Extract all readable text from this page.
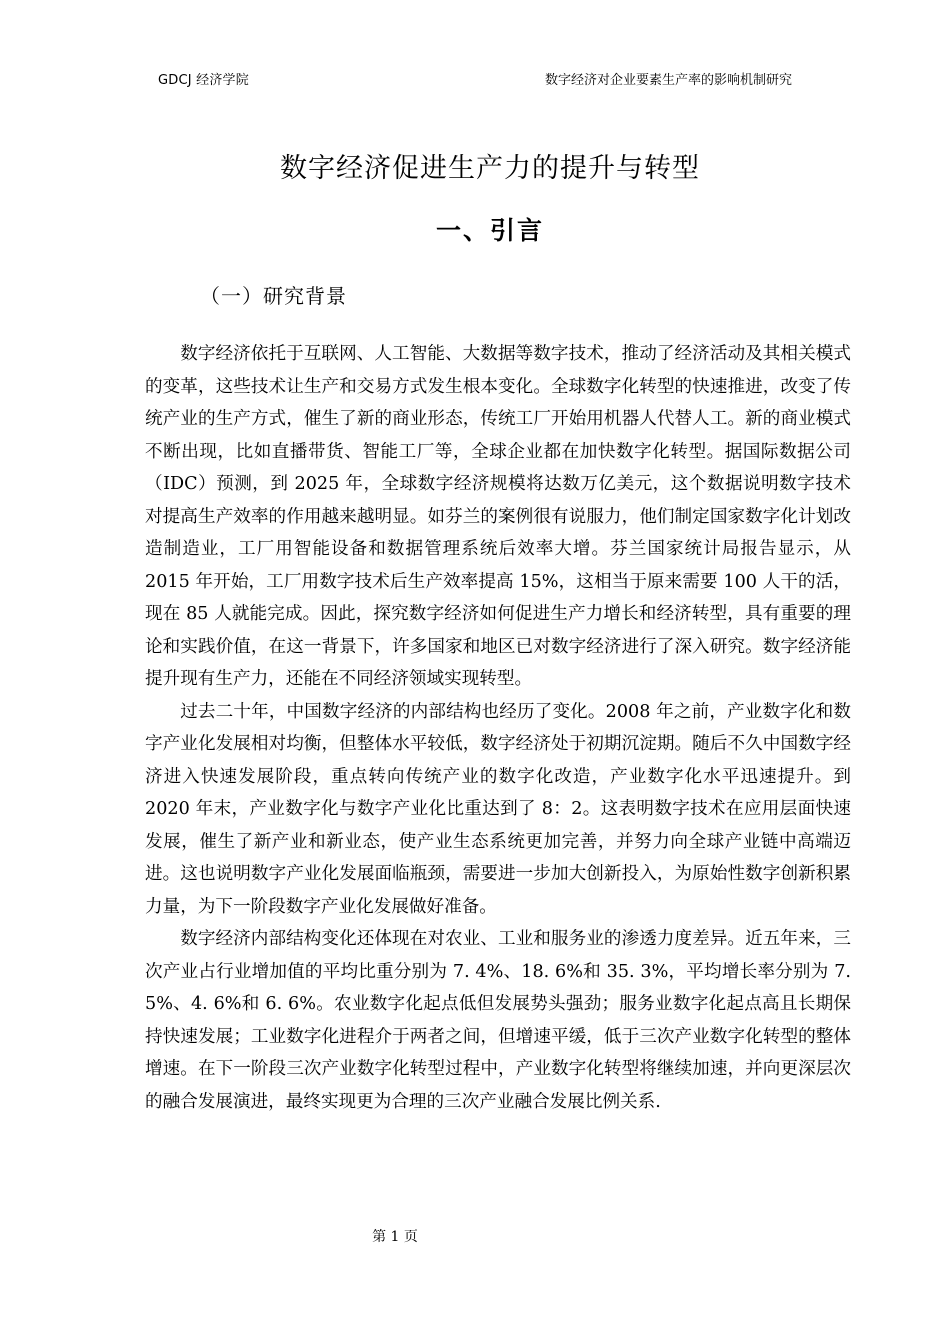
GDCJ 经济学院	数字经济对企业要素生产率的影响机制研究
数字经济促进生产力的提升与转型
一、引言
（一）研究背景

数字经济依托于互联网、人工智能、大数据等数字技术，推动了经济活动及其相关模式的变革，这些技术让生产和交易方式发生根本变化。全球数字化转型的快速推进，改变了传统产业的生产方式，催生了新的商业形态，传统工厂开始用机器人代替人工。新的商业模式不断出现，比如直播带货、智能工厂等，全球企业都在加快数字化转型。据国际数据公司（IDC）预测，到 2025 年，全球数字经济规模将达数万亿美元，这个数据说明数字技术对提高生产效率的作用越来越明显。如芬兰的案例很有说服力，他们制定国家数字化计划改造制造业，工厂用智能设备和数据管理系统后效率大增。芬兰国家统计局报告显示，从 2015 年开始，工厂用数字技术后生产效率提高 15%，这相当于原来需要 100 人干的活，现在 85 人就能完成。因此，探究数字经济如何促进生产力增长和经济转型，具有重要的理论和实践价值，在这一背景下，许多国家和地区已对数字经济进行了深入研究。数字经济能提升现有生产力，还能在不同经济领域实现转型。

过去二十年，中国数字经济的内部结构也经历了变化。2008 年之前，产业数字化和数字产业化发展相对均衡，但整体水平较低，数字经济处于初期沉淀期。随后不久中国数字经济进入快速发展阶段，重点转向传统产业的数字化改造，产业数字化水平迅速提升。到 2020 年末，产业数字化与数字产业化比重达到了 8：2。这表明数字技术在应用层面快速发展，催生了新产业和新业态，使产业生态系统更加完善，并努力向全球产业链中高端迈进。这也说明数字产业化发展面临瓶颈，需要进一步加大创新投入，为原始性数字创新积累力量，为下一阶段数字产业化发展做好准备。

数字经济内部结构变化还体现在对农业、工业和服务业的渗透力度差异。近五年来，三次产业占行业增加值的平均比重分别为 7. 4%、18. 6%和 35. 3%，平均增长率分别为 7. 5%、4. 6%和 6. 6%。农业数字化起点低但发展势头强劲；服务业数字化起点高且长期保持快速发展；工业数字化进程介于两者之间，但增速平缓，低于三次产业数字化转型的整体增速。在下一阶段三次产业数字化转型过程中，产业数字化转型将继续加速，并向更深层次的融合发展演进，最终实现更为合理的三次产业融合发展比例关系.

第 1 页
